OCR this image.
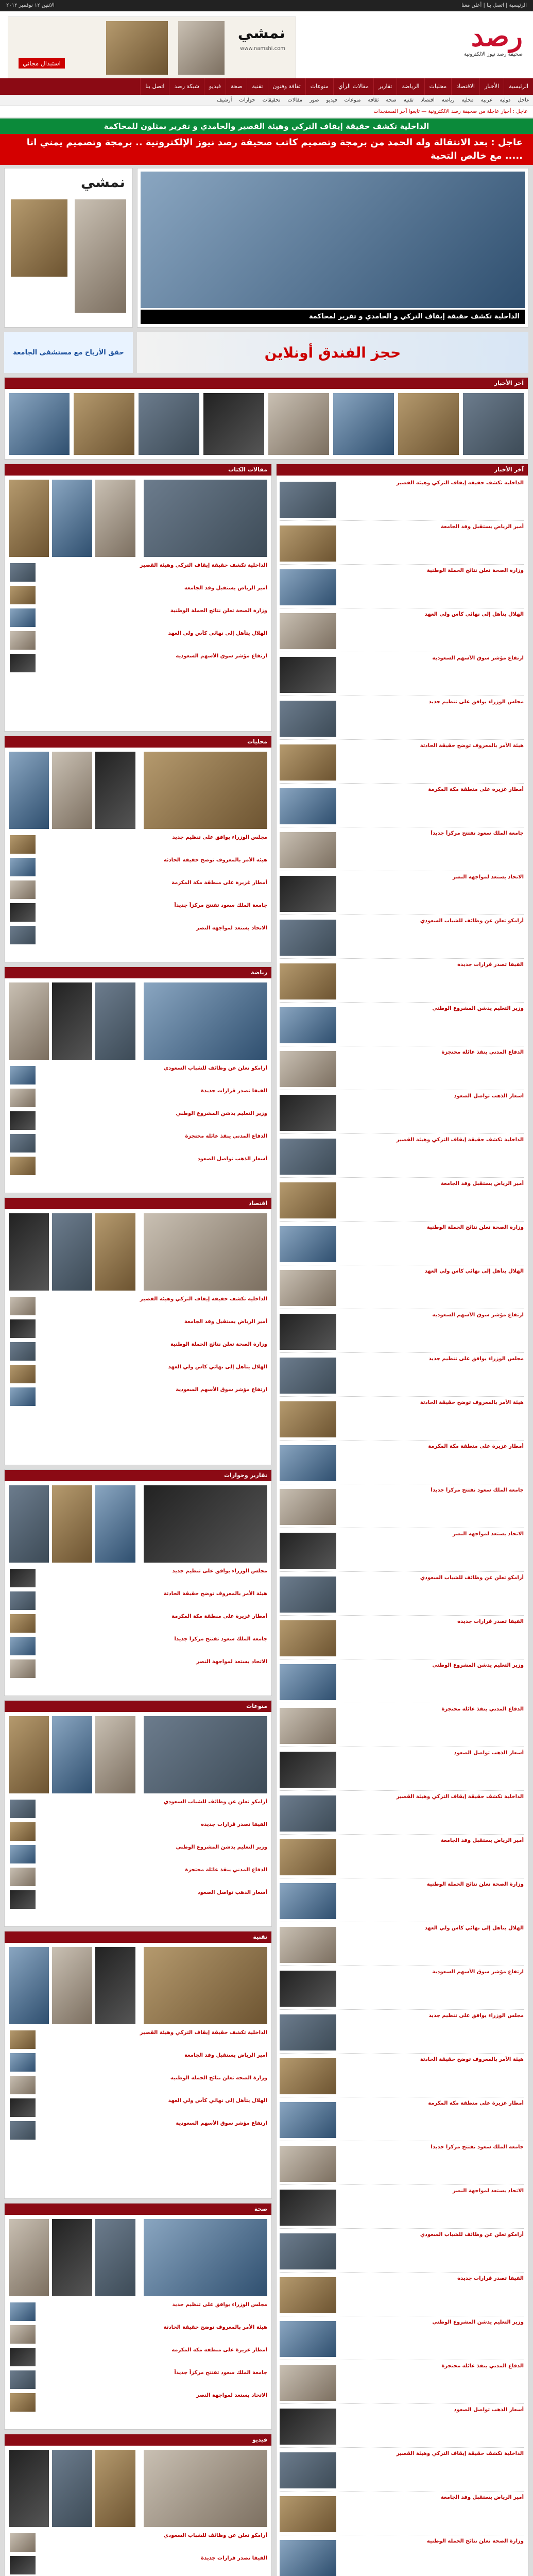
الرئيسية | اتصل بنا | أعلن معنا
الاثنين ١٢ نوفمبر ٢٠١٢
رصد
صحيفة رصد نيوز الالكترونية
نمشي
www.namshi.com
استبدال مجاني
الرئيسية
الأخبار
الاقتصاد
محليات
الرياضة
تقارير
مقالات الرأي
منوعات
ثقافة وفنون
تقنية
صحة
فيديو
شبكة رصد
اتصل بنا
عاجل
دولية
عربية
محلية
رياضة
اقتصاد
تقنية
صحة
ثقافة
منوعات
فيديو
صور
مقالات
تحقيقات
حوارات
أرشيف
عاجل : أخبار عاجلة من صحيفة رصد الالكترونية — تابعوا آخر المستجدات
الداخلية تكشف حقيقة إيقاف التركي وهيئة القصير والحامدي و تقرير بمثلون للمحاكمة
عاجل : بعد الانتقالة وله الحمد من برمجة وتصميم كاتب صحيفة رصد نيوز الإلكترونية .. برمجة وتصميم يمني انا ..... مع خالص التحية
نمشي
الداخلية تكشف حقيقة إيقاف التركي و الحامدي و تقرير لمحاكمة
حقق الأرباح مع مستشفى الجامعة	حجز الفندق أونلاين
آخر الأخبار
مقالات الكتاب
الداخلية تكشف حقيقة إيقاف التركي وهيئة القصير
أمير الرياض يستقبل وفد الجامعة
وزارة الصحة تعلن نتائج الحملة الوطنية
الهلال يتأهل إلى نهائي كأس ولي العهد
ارتفاع مؤشر سوق الأسهم السعودية
محليات
مجلس الوزراء يوافق على تنظيم جديد
هيئة الأمر بالمعروف توضح حقيقة الحادثة
أمطار غزيرة على منطقة مكة المكرمة
جامعة الملك سعود تفتتح مركزاً جديداً
الاتحاد يستعد لمواجهة النصر
رياضة
أرامكو تعلن عن وظائف للشباب السعودي
الفيفا تصدر قرارات جديدة
وزير التعليم يدشن المشروع الوطني
الدفاع المدني ينقذ عائلة محتجزة
أسعار الذهب تواصل الصعود
اقتصاد
الداخلية تكشف حقيقة إيقاف التركي وهيئة القصير
أمير الرياض يستقبل وفد الجامعة
وزارة الصحة تعلن نتائج الحملة الوطنية
الهلال يتأهل إلى نهائي كأس ولي العهد
ارتفاع مؤشر سوق الأسهم السعودية
تقارير وحوارات
مجلس الوزراء يوافق على تنظيم جديد
هيئة الأمر بالمعروف توضح حقيقة الحادثة
أمطار غزيرة على منطقة مكة المكرمة
جامعة الملك سعود تفتتح مركزاً جديداً
الاتحاد يستعد لمواجهة النصر
منوعات
أرامكو تعلن عن وظائف للشباب السعودي
الفيفا تصدر قرارات جديدة
وزير التعليم يدشن المشروع الوطني
الدفاع المدني ينقذ عائلة محتجزة
أسعار الذهب تواصل الصعود
تقنية
الداخلية تكشف حقيقة إيقاف التركي وهيئة القصير
أمير الرياض يستقبل وفد الجامعة
وزارة الصحة تعلن نتائج الحملة الوطنية
الهلال يتأهل إلى نهائي كأس ولي العهد
ارتفاع مؤشر سوق الأسهم السعودية
صحة
مجلس الوزراء يوافق على تنظيم جديد
هيئة الأمر بالمعروف توضح حقيقة الحادثة
أمطار غزيرة على منطقة مكة المكرمة
جامعة الملك سعود تفتتح مركزاً جديداً
الاتحاد يستعد لمواجهة النصر
فيديو
أرامكو تعلن عن وظائف للشباب السعودي
الفيفا تصدر قرارات جديدة
آخر الأخبار
الداخلية تكشف حقيقة إيقاف التركي وهيئة القصير
أمير الرياض يستقبل وفد الجامعة
وزارة الصحة تعلن نتائج الحملة الوطنية
الهلال يتأهل إلى نهائي كأس ولي العهد
ارتفاع مؤشر سوق الأسهم السعودية
مجلس الوزراء يوافق على تنظيم جديد
هيئة الأمر بالمعروف توضح حقيقة الحادثة
أمطار غزيرة على منطقة مكة المكرمة
جامعة الملك سعود تفتتح مركزاً جديداً
الاتحاد يستعد لمواجهة النصر
أرامكو تعلن عن وظائف للشباب السعودي
الفيفا تصدر قرارات جديدة
وزير التعليم يدشن المشروع الوطني
الدفاع المدني ينقذ عائلة محتجزة
أسعار الذهب تواصل الصعود
الداخلية تكشف حقيقة إيقاف التركي وهيئة القصير
أمير الرياض يستقبل وفد الجامعة
وزارة الصحة تعلن نتائج الحملة الوطنية
الهلال يتأهل إلى نهائي كأس ولي العهد
ارتفاع مؤشر سوق الأسهم السعودية
مجلس الوزراء يوافق على تنظيم جديد
هيئة الأمر بالمعروف توضح حقيقة الحادثة
أمطار غزيرة على منطقة مكة المكرمة
جامعة الملك سعود تفتتح مركزاً جديداً
الاتحاد يستعد لمواجهة النصر
أرامكو تعلن عن وظائف للشباب السعودي
الفيفا تصدر قرارات جديدة
وزير التعليم يدشن المشروع الوطني
الدفاع المدني ينقذ عائلة محتجزة
أسعار الذهب تواصل الصعود
الداخلية تكشف حقيقة إيقاف التركي وهيئة القصير
أمير الرياض يستقبل وفد الجامعة
وزارة الصحة تعلن نتائج الحملة الوطنية
الهلال يتأهل إلى نهائي كأس ولي العهد
ارتفاع مؤشر سوق الأسهم السعودية
مجلس الوزراء يوافق على تنظيم جديد
هيئة الأمر بالمعروف توضح حقيقة الحادثة
أمطار غزيرة على منطقة مكة المكرمة
جامعة الملك سعود تفتتح مركزاً جديداً
الاتحاد يستعد لمواجهة النصر
أرامكو تعلن عن وظائف للشباب السعودي
الفيفا تصدر قرارات جديدة
وزير التعليم يدشن المشروع الوطني
الدفاع المدني ينقذ عائلة محتجزة
أسعار الذهب تواصل الصعود
الداخلية تكشف حقيقة إيقاف التركي وهيئة القصير
أمير الرياض يستقبل وفد الجامعة
وزارة الصحة تعلن نتائج الحملة الوطنية
